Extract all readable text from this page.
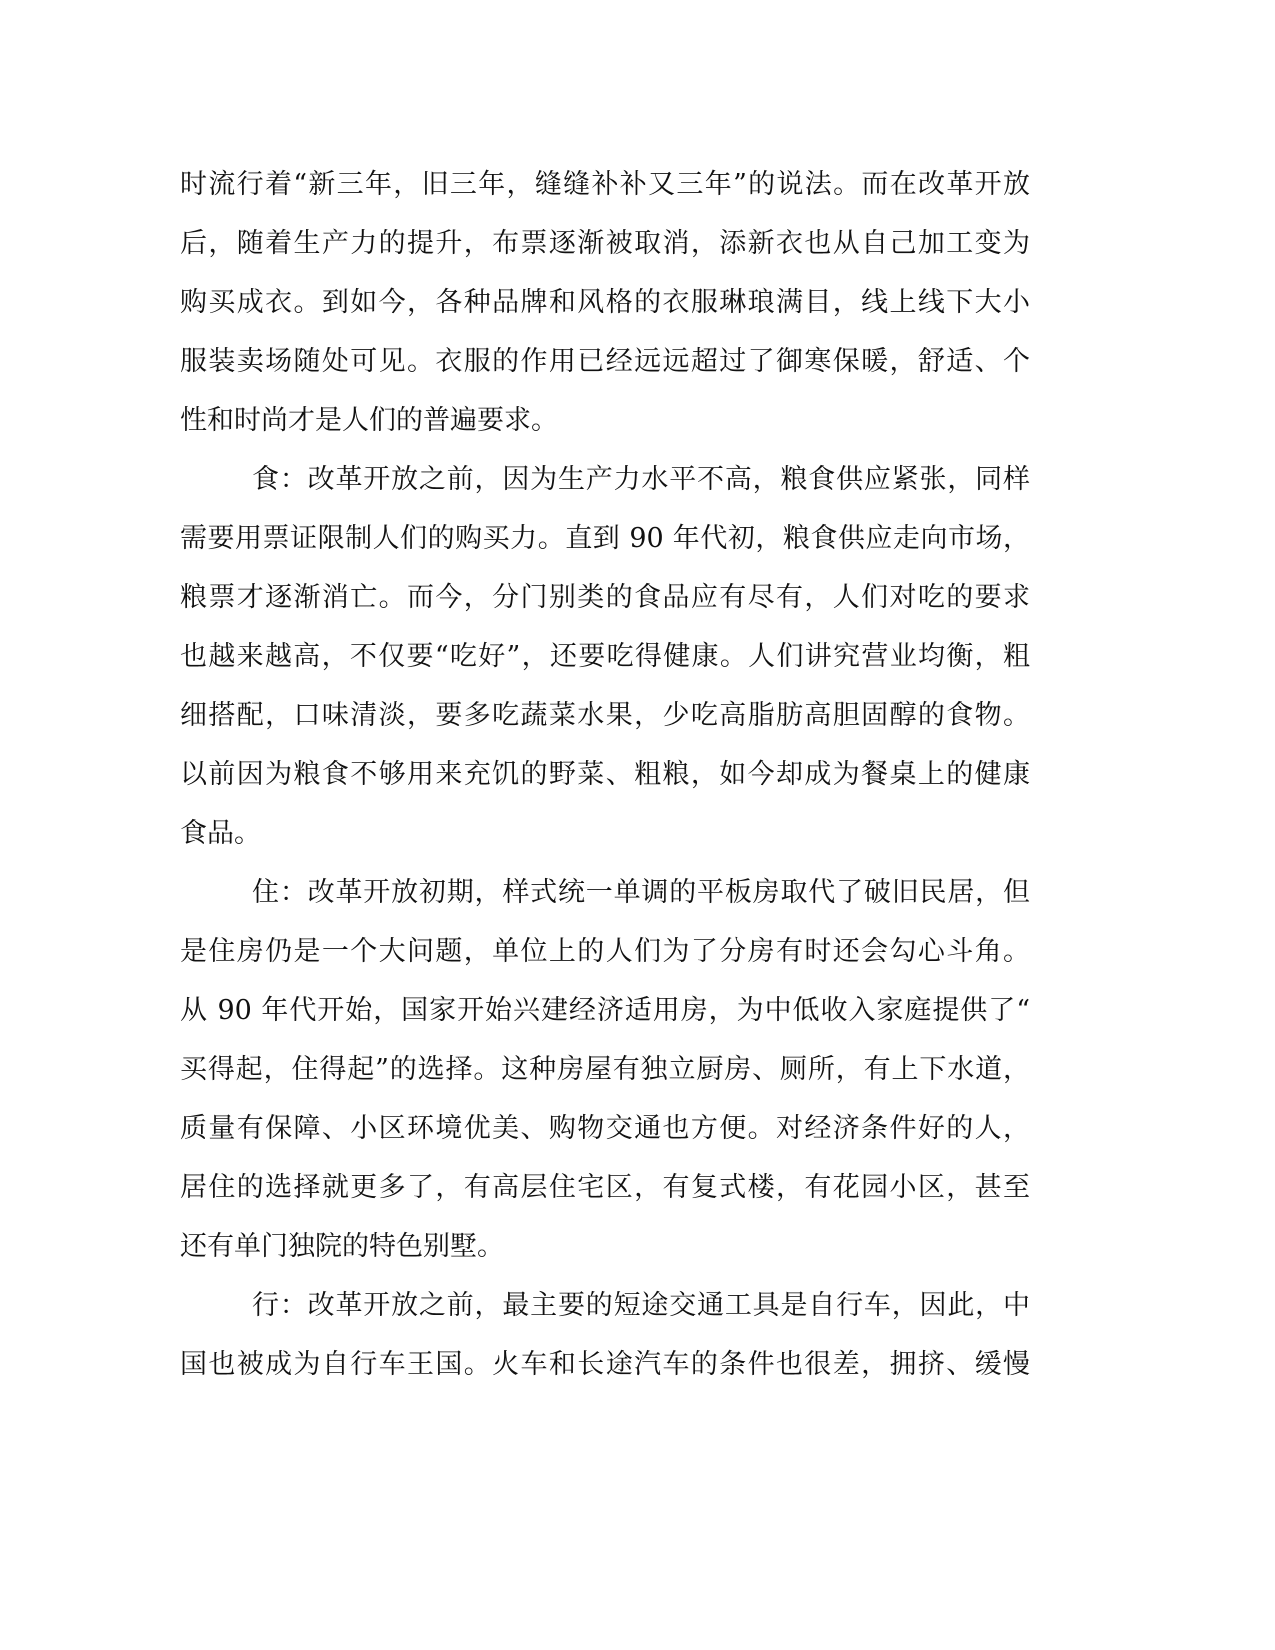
时流行着“新三年，旧三年，缝缝补补又三年”的说法。而在改革开放
后，随着生产力的提升，布票逐渐被取消，添新衣也从自己加工变为
购买成衣。到如今，各种品牌和风格的衣服琳琅满目，线上线下大小
服装卖场随处可见。衣服的作用已经远远超过了御寒保暖，舒适、个
性和时尚才是人们的普遍要求。
食：改革开放之前，因为生产力水平不高，粮食供应紧张，同样
需要用票证限制人们的购买力。直到 90 年代初，粮食供应走向市场，
粮票才逐渐消亡。而今，分门别类的食品应有尽有，人们对吃的要求
也越来越高，不仅要“吃好”，还要吃得健康。人们讲究营业均衡，粗
细搭配，口味清淡，要多吃蔬菜水果，少吃高脂肪高胆固醇的食物。
以前因为粮食不够用来充饥的野菜、粗粮，如今却成为餐桌上的健康
食品。
住：改革开放初期，样式统一单调的平板房取代了破旧民居，但
是住房仍是一个大问题，单位上的人们为了分房有时还会勾心斗角。
从 90 年代开始，国家开始兴建经济适用房，为中低收入家庭提供了“
买得起，住得起”的选择。这种房屋有独立厨房、厕所，有上下水道，
质量有保障、小区环境优美、购物交通也方便。对经济条件好的人，
居住的选择就更多了，有高层住宅区，有复式楼，有花园小区，甚至
还有单门独院的特色别墅。
行：改革开放之前，最主要的短途交通工具是自行车，因此，中
国也被成为自行车王国。火车和长途汽车的条件也很差，拥挤、缓慢
